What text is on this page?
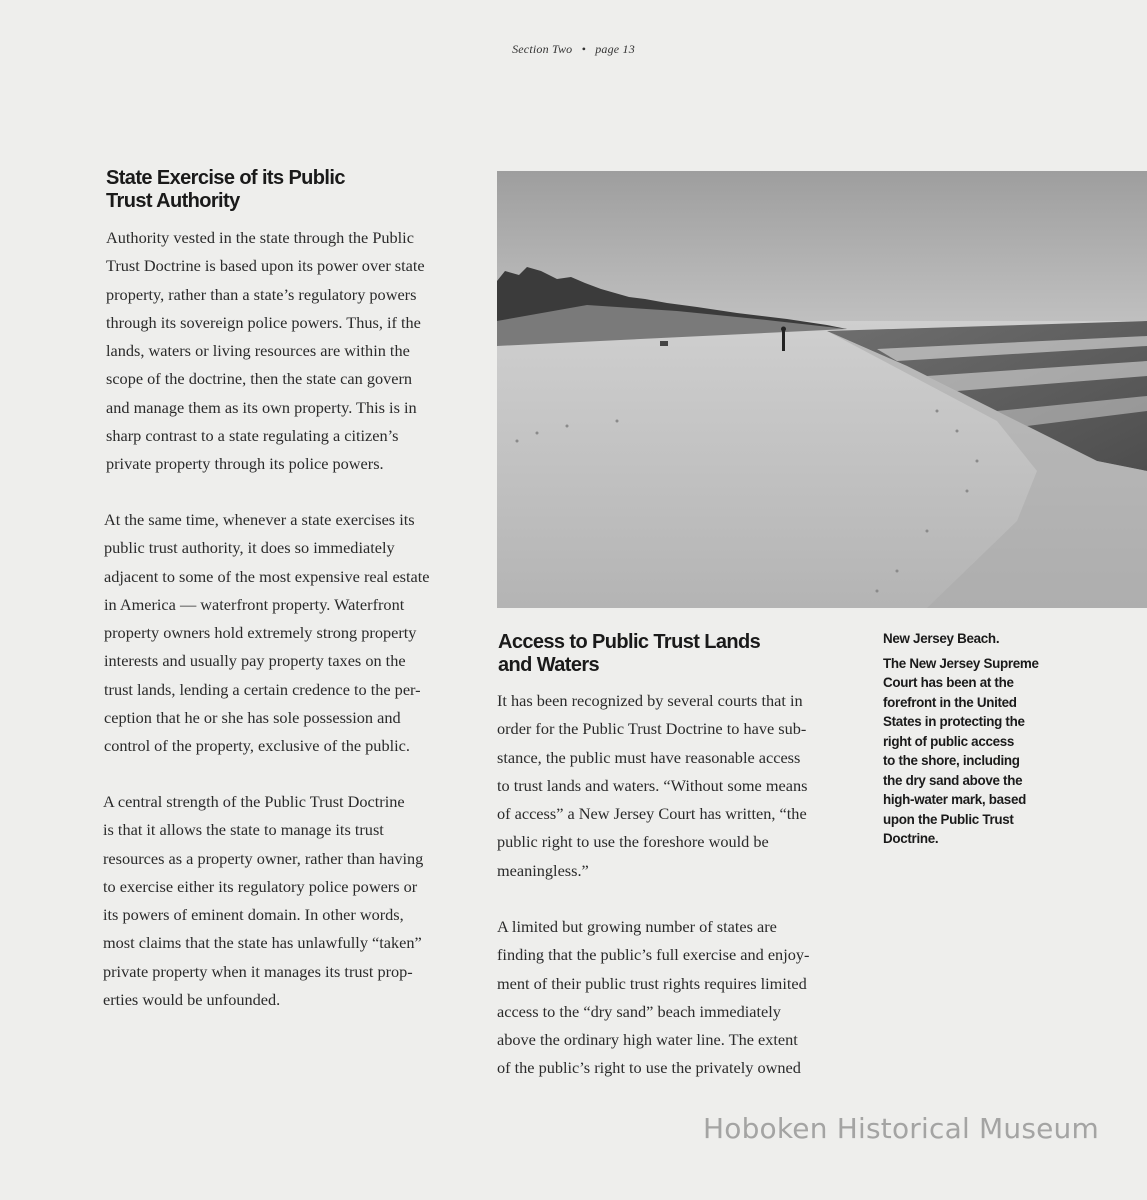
Section Two • page 13
State Exercise of its Public
Trust Authority

Authority vested in the state through the Public
Trust Doctrine is based upon its power over state
property, rather than a state’s regulatory powers
through its sovereign police powers. Thus, if the
lands, waters or living resources are within the
scope of the doctrine, then the state can govern
and manage them as its own property. This is in
sharp contrast to a state regulating a citizen’s
private property through its police powers.

At the same time, whenever a state exercises its
public trust authority, it does so immediately
adjacent to some of the most expensive real estate
in America — waterfront property. Waterfront
property owners hold extremely strong property
interests and usually pay property taxes on the
trust lands, lending a certain credence to the per-
ception that he or she has sole possession and
control of the property, exclusive of the public.

A central strength of the Public Trust Doctrine
is that it allows the state to manage its trust
resources as a property owner, rather than having
to exercise either its regulatory police powers or
its powers of eminent domain. In other words,
most claims that the state has unlawfully “taken”
private property when it manages its trust prop-
erties would be unfounded.

Access to Public Trust Lands
and Waters

It has been recognized by several courts that in
order for the Public Trust Doctrine to have sub-
stance, the public must have reasonable access
to trust lands and waters. “Without some means
of access” a New Jersey Court has written, “the
public right to use the foreshore would be
meaningless.”

A limited but growing number of states are
finding that the public’s full exercise and enjoy-
ment of their public trust rights requires limited
access to the “dry sand” beach immediately
above the ordinary high water line. The extent
of the public’s right to use the privately owned

New Jersey Beach.
The New Jersey Supreme
Court has been at the
forefront in the United
States in protecting the
right of public access
to the shore, including
the dry sand above the
high-water mark, based
upon the Public Trust
Doctrine.
Hoboken Historical Museum
